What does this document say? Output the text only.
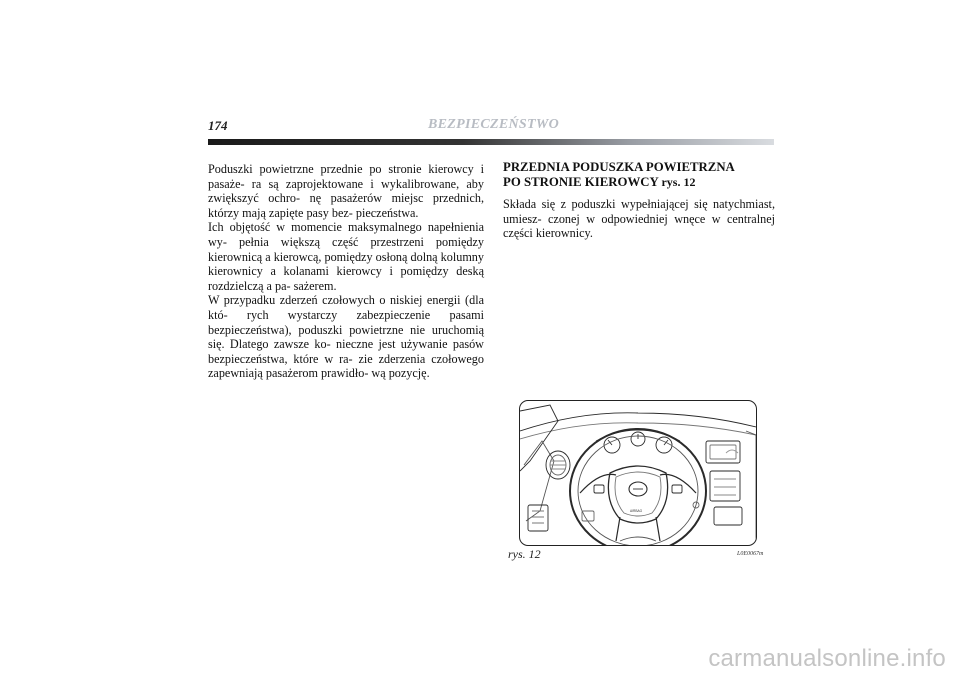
174	BEZPIECZEŃSTWO

Poduszki powietrzne przednie po stronie kierowcy i pasaże- ra są zaprojektowane i wykalibrowane, aby zwiększyć ochro- nę pasażerów miejsc przednich, którzy mają zapięte pasy bez- pieczeństwa.

Ich objętość w momencie maksymalnego napełnienia wy- pełnia większą część przestrzeni pomiędzy kierownicą a kierowcą, pomiędzy osłoną dolną kolumny kierownicy a kolanami kierowcy i pomiędzy deską rozdzielczą a pa- sażerem.

W przypadku zderzeń czołowych o niskiej energii (dla któ- rych wystarczy zabezpieczenie pasami bezpieczeństwa), poduszki powietrzne nie uruchomią się. Dlatego zawsze ko- nieczne jest używanie pasów bezpieczeństwa, które w ra- zie zderzenia czołowego zapewniają pasażerom prawidło- wą pozycję.

PRZEDNIA PODUSZKA POWIETRZNA
PO STRONIE KIEROWCY rys. 12

Składa się z poduszki wypełniającej się natychmiast, umiesz- czonej w odpowiedniej wnęce w centralnej części kierownicy.

AIRBAG
rys. 12	L0E0067m
carmanualsonline.info
